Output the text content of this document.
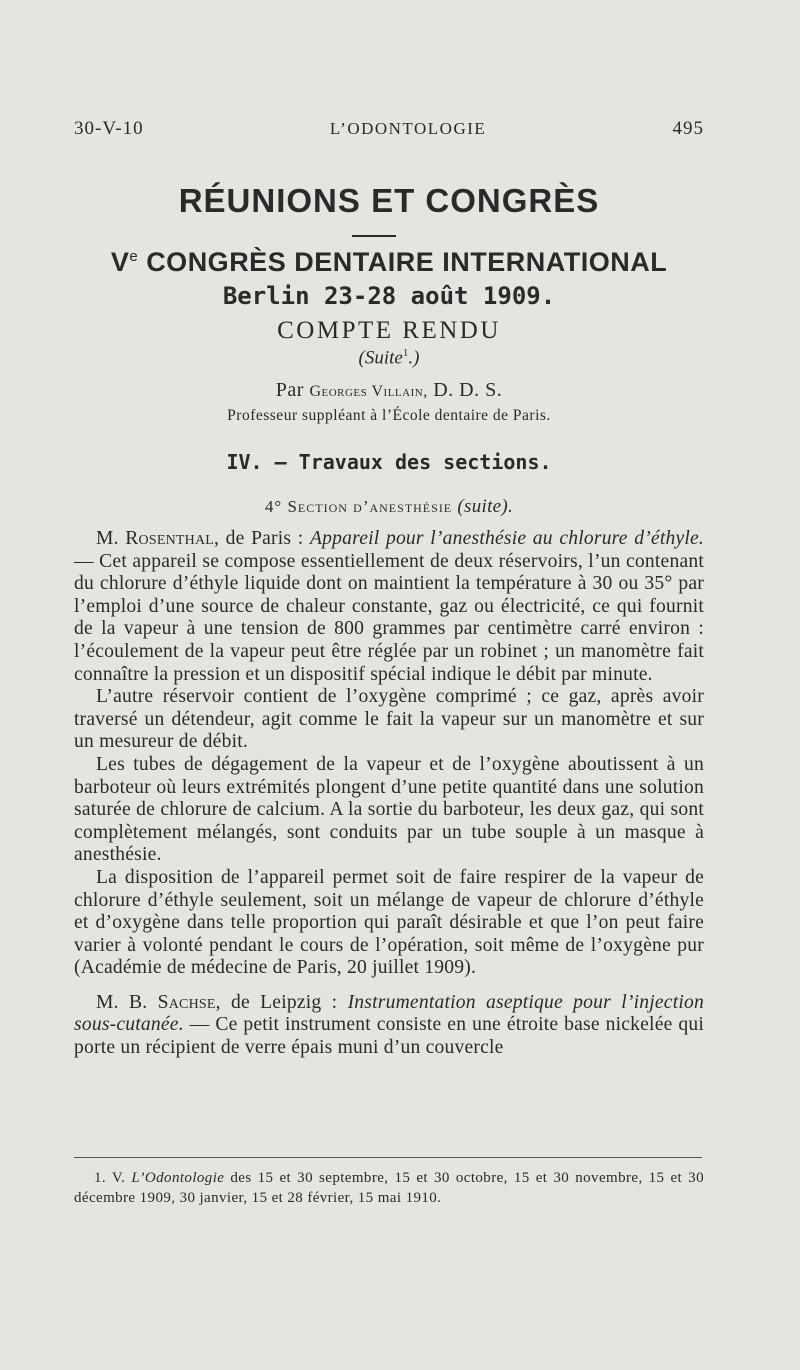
30-V-10	L’ODONTOLOGIE	495
RÉUNIONS ET CONGRÈS
Ve CONGRÈS DENTAIRE INTERNATIONAL
Berlin 23-28 août 1909.
COMPTE RENDU
(Suite$^1$.)
Par Georges Villain, D. D. S.
Professeur suppléant à l’École dentaire de Paris.
IV. — Travaux des sections.
4° Section d’anesthésie (suite).

M. Rosenthal, de Paris : Appareil pour l’anesthésie au chlorure d’éthyle. — Cet appareil se compose essentiellement de deux réservoirs, l’un contenant du chlorure d’éthyle liquide dont on maintient la température à 30 ou 35° par l’emploi d’une source de chaleur constante, gaz ou électricité, ce qui fournit de la vapeur à une tension de 800 grammes par centimètre carré environ : l’écoulement de la vapeur peut être réglée par un robinet ; un manomètre fait connaître la pression et un dispositif spécial indique le débit par minute.

L’autre réservoir contient de l’oxygène comprimé ; ce gaz, après avoir traversé un détendeur, agit comme le fait la vapeur sur un manomètre et sur un mesureur de débit.

Les tubes de dégagement de la vapeur et de l’oxygène aboutissent à un barboteur où leurs extrémités plongent d’une petite quantité dans une solution saturée de chlorure de calcium. A la sortie du barboteur, les deux gaz, qui sont complètement mélangés, sont conduits par un tube souple à un masque à anesthésie.

La disposition de l’appareil permet soit de faire respirer de la vapeur de chlorure d’éthyle seulement, soit un mélange de vapeur de chlorure d’éthyle et d’oxygène dans telle proportion qui paraît désirable et que l’on peut faire varier à volonté pendant le cours de l’opération, soit même de l’oxygène pur (Académie de médecine de Paris, 20 juillet 1909).

M. B. Sachse, de Leipzig : Instrumentation aseptique pour l’injection sous-cutanée. — Ce petit instrument consiste en une étroite base nickelée qui porte un récipient de verre épais muni d’un couvercle

1. V. L’Odontologie des 15 et 30 septembre, 15 et 30 octobre, 15 et 30 novembre, 15 et 30 décembre 1909, 30 janvier, 15 et 28 février, 15 mai 1910.
